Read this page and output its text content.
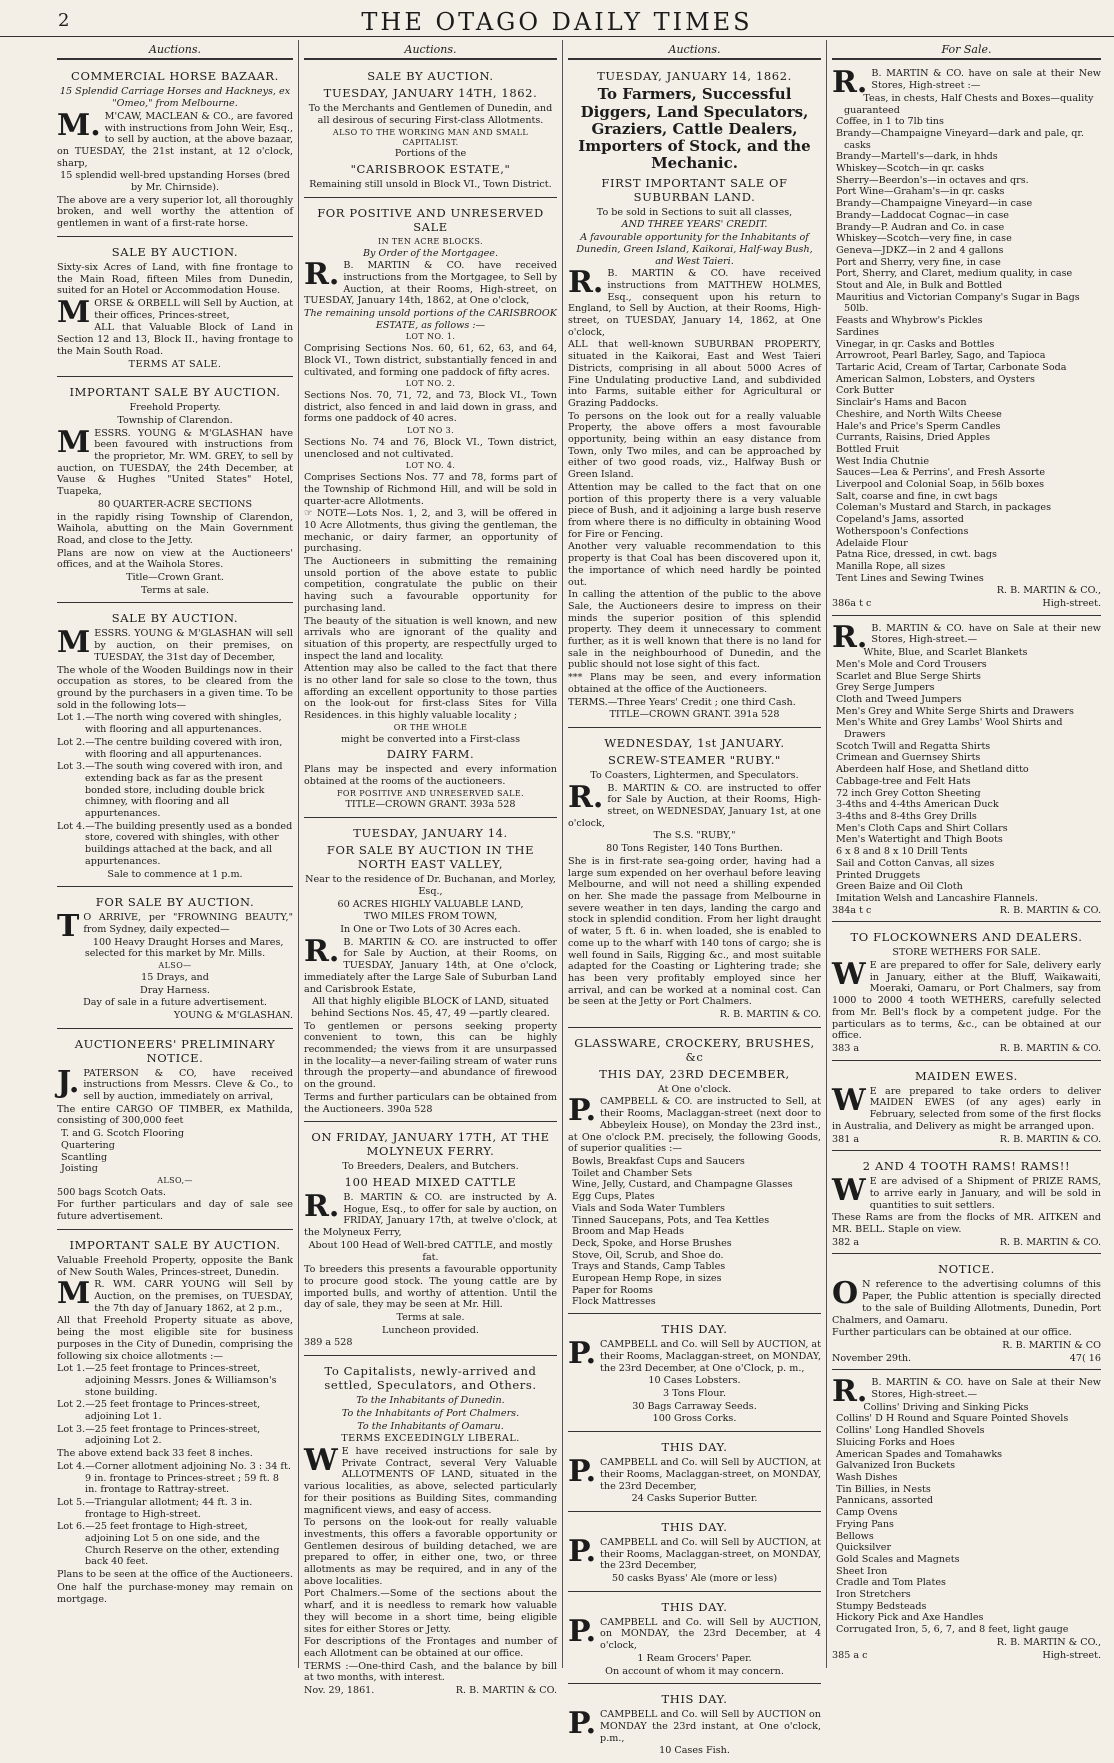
2	THE OTAGO DAILY TIMES
Auctions.
COMMERCIAL HORSE BAZAAR.

15 Splendid Carriage Horses and Hackneys, ex "Omeo," from Melbourne.

M.M'CAW, MACLEAN & CO., are favored with instructions from John Weir, Esq., to sell by auction, at the above bazaar, on TUESDAY, the 21st instant, at 12 o'clock, sharp,

15 splendid well-bred upstanding Horses (bred by Mr. Chirnside).

The above are a very superior lot, all thoroughly broken, and well worthy the attention of gentlemen in want of a first-rate horse.

SALE BY AUCTION.

Sixty-six Acres of Land, with fine frontage to the Main Road, fifteen Miles from Dunedin, suited for an Hotel or Accommodation House.

MORSE & ORBELL will Sell by Auction, at their offices, Princes-street,

ALL that Valuable Block of Land in Section 12 and 13, Block II., having frontage to the Main South Road.

TERMS AT SALE.

IMPORTANT SALE BY AUCTION.

Freehold Property.

Township of Clarendon.

MESSRS. YOUNG & M'GLASHAN have been favoured with instructions from the proprietor, Mr. WM. GREY, to sell by auction, on TUESDAY, the 24th December, at Vause & Hughes "United States" Hotel, Tuapeka,

80 QUARTER-ACRE SECTIONS

in the rapidly rising Township of Clarendon, Waihola, abutting on the Main Government Road, and close to the Jetty.

Plans are now on view at the Auctioneers' offices, and at the Waihola Stores.

Title—Crown Grant.

Terms at sale.

SALE BY AUCTION.

MESSRS. YOUNG & M'GLASHAN will sell by auction, on their premises, on TUESDAY, the 31st day of December,

The whole of the Wooden Buildings now in their occupation as stores, to be cleared from the ground by the purchasers in a given time. To be sold in the following lots—

Lot 1.—The north wing covered with shingles, with flooring and all appurtenances.

Lot 2.—The centre building covered with iron, with flooring and all appurtenances.

Lot 3.—The south wing covered with iron, and extending back as far as the present bonded store, including double brick chimney, with flooring and all appurtenances.

Lot 4.—The building presently used as a bonded store, covered with shingles, with other buildings attached at the back, and all appurtenances.

Sale to commence at 1 p.m.

FOR SALE BY AUCTION.

TO ARRIVE, per "FROWNING BEAUTY," from Sydney, daily expected—

100 Heavy Draught Horses and Mares, selected for this market by Mr. Mills.

ALSO—

15 Drays, and

Dray Harness.

Day of sale in a future advertisement.

YOUNG & M'GLASHAN.

AUCTIONEERS' PRELIMINARY NOTICE.

J.PATERSON & CO, have received instructions from Messrs. Cleve & Co., to sell by auction, immediately on arrival,

The entire CARGO OF TIMBER, ex Mathilda, consisting of 300,000 feet

T. and G. Scotch Flooring

Quartering

Scantling

Joisting

ALSO,—

500 bags Scotch Oats.

For further particulars and day of sale see future advertisement.

IMPORTANT SALE BY AUCTION.

Valuable Freehold Property, opposite the Bank of New South Wales, Princes-street, Dunedin.

MR. WM. CARR YOUNG will Sell by Auction, on the premises, on TUESDAY, the 7th day of January 1862, at 2 p.m.,

All that Freehold Property situate as above, being the most eligible site for business purposes in the City of Dunedin, comprising the following six choice allotments :—

Lot 1.—25 feet frontage to Princes-street, adjoining Messrs. Jones & Williamson's stone building.

Lot 2.—25 feet frontage to Princes-street, adjoining Lot 1.

Lot 3.—25 feet frontage to Princes-street, adjoining Lot 2.

The above extend back 33 feet 8 inches.

Lot 4.—Corner allotment adjoining No. 3 : 34 ft. 9 in. frontage to Princes-street ; 59 ft. 8 in. frontage to Rattray-street.

Lot 5.—Triangular allotment; 44 ft. 3 in. frontage to High-street.

Lot 6.—25 feet frontage to High-street, adjoining Lot 5 on one side, and the Church Reserve on the other, extending back 40 feet.

Plans to be seen at the office of the Auctioneers.

One half the purchase-money may remain on mortgage.

Auctions.
SALE BY AUCTION.

TUESDAY, JANUARY 14TH, 1862.

To the Merchants and Gentlemen of Dunedin, and all desirous of securing First-class Allotments.

ALSO TO THE WORKING MAN AND SMALL CAPITALIST.

Portions of the

"CARISBROOK ESTATE,"

Remaining still unsold in Block VI., Town District.

FOR POSITIVE AND UNRESERVED SALE

IN TEN ACRE BLOCKS.

By Order of the Mortgagee.

R.B. MARTIN & CO. have received instructions from the Mortgagee, to Sell by Auction, at their Rooms, High-street, on TUESDAY, January 14th, 1862, at One o'clock,

The remaining unsold portions of the CARISBROOK ESTATE, as follows :—

LOT NO. 1.

Comprising Sections Nos. 60, 61, 62, 63, and 64, Block VI., Town district, substantially fenced in and cultivated, and forming one paddock of fifty acres.

LOT NO. 2.

Sections Nos. 70, 71, 72, and 73, Block VI., Town district, also fenced in and laid down in grass, and forms one paddock of 40 acres.

LOT NO 3.

Sections No. 74 and 76, Block VI., Town district, unenclosed and not cultivated.

LOT NO. 4.

Comprises Sections Nos. 77 and 78, forms part of the Township of Richmond Hill, and will be sold in quarter-acre Allotments.

☞ NOTE—Lots Nos. 1, 2, and 3, will be offered in 10 Acre Allotments, thus giving the gentleman, the mechanic, or dairy farmer, an opportunity of purchasing.

The Auctioneers in submitting the remaining unsold portion of the above estate to public competition, congratulate the public on their having such a favourable opportunity for purchasing land.

The beauty of the situation is well known, and new arrivals who are ignorant of the quality and situation of this property, are respectfully urged to inspect the land and locality.

Attention may also be called to the fact that there is no other land for sale so close to the town, thus affording an excellent opportunity to those parties on the look-out for first-class Sites for Villa Residences. in this highly valuable locality ;

OR THE WHOLE

might be converted into a First-class

DAIRY FARM.

Plans may be inspected and every information obtained at the rooms of the auctioneers.

FOR POSITIVE AND UNRESERVED SALE.

TITLE—CROWN GRANT. 393a 528

TUESDAY, JANUARY 14.

FOR SALE BY AUCTION IN THE NORTH EAST VALLEY,

Near to the residence of Dr. Buchanan, and Morley, Esq.,

60 ACRES HIGHLY VALUABLE LAND,

TWO MILES FROM TOWN,

In One or Two Lots of 30 Acres each.

R.B. MARTIN & CO. are instructed to offer for Sale by Auction, at their Rooms, on TUESDAY, January 14th, at One o'clock, immediately after the Large Sale of Suburban Land and Carisbrook Estate,

All that highly eligible BLOCK of LAND, situated behind Sections Nos. 45, 47, 49 —partly cleared.

To gentlemen or persons seeking property convenient to town, this can be highly recommended; the views from it are unsurpassed in the locality—a never-failing stream of water runs through the property—and abundance of firewood on the ground.

Terms and further particulars can be obtained from the Auctioneers. 390a 528

ON FRIDAY, JANUARY 17TH, AT THE MOLYNEUX FERRY.

To Breeders, Dealers, and Butchers.

100 HEAD MIXED CATTLE

R.B. MARTIN & CO. are instructed by A. Hogue, Esq., to offer for sale by auction, on FRIDAY, January 17th, at twelve o'clock, at the Molyneux Ferry,

About 100 Head of Well-bred CATTLE, and mostly fat.

To breeders this presents a favourable opportunity to procure good stock. The young cattle are by imported bulls, and worthy of attention. Until the day of sale, they may be seen at Mr. Hill.

Terms at sale.

Luncheon provided.

389 a 528

To Capitalists, newly-arrived and settled, Speculators, and Others.

To the Inhabitants of Dunedin.

To the Inhabitants of Port Chalmers.

To the Inhabitants of Oamaru.

TERMS EXCEEDINGLY LIBERAL.

WE have received instructions for sale by Private Contract, several Very Valuable ALLOTMENTS OF LAND, situated in the various localities, as above, selected particularly for their positions as Building Sites, commanding magnificent views, and easy of access.

To persons on the look-out for really valuable investments, this offers a favorable opportunity or Gentlemen desirous of building detached, we are prepared to offer, in either one, two, or three allotments as may be required, and in any of the above localities.

Port Chalmers.—Some of the sections about the wharf, and it is needless to remark how valuable they will become in a short time, being eligible sites for either Stores or Jetty.

For descriptions of the Frontages and number of each Allotment can be obtained at our office.

TERMS :—One-third Cash, and the balance by bill at two months, with interest.

Nov. 29, 1861.	R. B. MARTIN & CO.
Auctions.
TUESDAY, JANUARY 14, 1862.

To Farmers, Successful Diggers, Land Speculators, Graziers, Cattle Dealers, Importers of Stock, and the Mechanic.

FIRST IMPORTANT SALE OF SUBURBAN LAND.

To be sold in Sections to suit all classes,

AND THREE YEARS' CREDIT.

A favourable opportunity for the Inhabitants of Dunedin, Green Island, Kaikorai, Half-way Bush, and West Taieri.

R.B. MARTIN & CO. have received instructions from MATTHEW HOLMES, Esq., consequent upon his return to England, to Sell by Auction, at their Rooms, High-street, on TUESDAY, January 14, 1862, at One o'clock,

ALL that well-known SUBURBAN PROPERTY, situated in the Kaikorai, East and West Taieri Districts, comprising in all about 5000 Acres of Fine Undulating productive Land, and subdivided into Farms, suitable either for Agricultural or Grazing Paddocks.

To persons on the look out for a really valuable Property, the above offers a most favourable opportunity, being within an easy distance from Town, only Two miles, and can be approached by either of two good roads, viz., Halfway Bush or Green Island.

Attention may be called to the fact that on one portion of this property there is a very valuable piece of Bush, and it adjoining a large bush reserve from where there is no difficulty in obtaining Wood for Fire or Fencing.

Another very valuable recommendation to this property is that Coal has been discovered upon it, the importance of which need hardly be pointed out.

In calling the attention of the public to the above Sale, the Auctioneers desire to impress on their minds the superior position of this splendid property. They deem it unnecessary to comment further, as it is well known that there is no land for sale in the neighbourhood of Dunedin, and the public should not lose sight of this fact.

*** Plans may be seen, and every information obtained at the office of the Auctioneers.

TERMS.—Three Years' Credit ; one third Cash.

TITLE—CROWN GRANT. 391a 528

WEDNESDAY, 1st JANUARY.

SCREW-STEAMER "RUBY."

To Coasters, Lightermen, and Speculators.

R.B. MARTIN & CO. are instructed to offer for Sale by Auction, at their Rooms, High-street, on WEDNESDAY, January 1st, at one o'clock,

The S.S. "RUBY,"

80 Tons Register, 140 Tons Burthen.

She is in first-rate sea-going order, having had a large sum expended on her overhaul before leaving Melbourne, and will not need a shilling expended on her. She made the passage from Melbourne in severe weather in ten days, landing the cargo and stock in splendid condition. From her light draught of water, 5 ft. 6 in. when loaded, she is enabled to come up to the wharf with 140 tons of cargo; she is well found in Sails, Rigging &c., and most suitable adapted for the Coasting or Lightering trade; she has been very profitably employed since her arrival, and can be worked at a nominal cost. Can be seen at the Jetty or Port Chalmers.

R. B. MARTIN & CO.

GLASSWARE, CROCKERY, BRUSHES, &c

THIS DAY, 23RD DECEMBER,

At One o'clock.

P.CAMPBELL & CO. are instructed to Sell, at their Rooms, Maclaggan-street (next door to Abbeyleix House), on Monday the 23rd inst., at One o'clock P.M. precisely, the following Goods, of superior qualities :—

Bowls, Breakfast Cups and Saucers

Toilet and Chamber Sets

Wine, Jelly, Custard, and Champagne Glasses

Egg Cups, Plates

Vials and Soda Water Tumblers

Tinned Saucepans, Pots, and Tea Kettles

Broom and Map Heads

Deck, Spoke, and Horse Brushes

Stove, Oil, Scrub, and Shoe do.

Trays and Stands, Camp Tables

European Hemp Rope, in sizes

Paper for Rooms

Flock Mattresses

THIS DAY.

P.CAMPBELL and Co. will Sell by AUCTION, at their Rooms, Maclaggan-street, on MONDAY, the 23rd December, at One o'Clock, p. m.,

10 Cases Lobsters.

3 Tons Flour.

30 Bags Carraway Seeds.

100 Gross Corks.

THIS DAY.

P.CAMPBELL and Co. will Sell by AUCTION, at their Rooms, Maclaggan-street, on MONDAY, the 23rd December,

24 Casks Superior Butter.

THIS DAY.

P.CAMPBELL and Co. will Sell by AUCTION, at their Rooms, Maclaggan-street, on MONDAY, the 23rd December,

50 casks Byass' Ale (more or less)

THIS DAY.

P.CAMPBELL and Co. will Sell by AUCTION, on MONDAY, the 23rd December, at 4 o'clock,

1 Ream Grocers' Paper.

On account of whom it may concern.

THIS DAY.

P.CAMPBELL and Co. will Sell by AUCTION on MONDAY the 23rd instant, at One o'clock, p.m.,

10 Cases Fish.

For Sale.

R.B. MARTIN & CO. have on sale at their New Stores, High-street :—

Teas, in chests, Half Chests and Boxes—quality guaranteed

Coffee, in 1 to 7lb tins

Brandy—Champaigne Vineyard—dark and pale, qr. casks

Brandy—Martell's—dark, in hhds

Whiskey—Scotch—in qr. casks

Sherry—Beerdon's—in octaves and qrs.

Port Wine—Graham's—in qr. casks

Brandy—Champaigne Vineyard—in case

Brandy—Laddocat Cognac—in case

Brandy—P. Audran and Co. in case

Whiskey—Scotch—very fine, in case

Geneva—JDKZ—in 2 and 4 gallons

Port and Sherry, very fine, in case

Port, Sherry, and Claret, medium quality, in case

Stout and Ale, in Bulk and Bottled

Mauritius and Victorian Company's Sugar in Bags 50lb.

Feasts and Whybrow's Pickles

Sardines

Vinegar, in qr. Casks and Bottles

Arrowroot, Pearl Barley, Sago, and Tapioca

Tartaric Acid, Cream of Tartar, Carbonate Soda

American Salmon, Lobsters, and Oysters

Cork Butter

Sinclair's Hams and Bacon

Cheshire, and North Wilts Cheese

Hale's and Price's Sperm Candles

Currants, Raisins, Dried Apples

Bottled Fruit

West India Chutnie

Sauces—Lea & Perrins', and Fresh Assorte

Liverpool and Colonial Soap, in 56lb boxes

Salt, coarse and fine, in cwt bags

Coleman's Mustard and Starch, in packages

Copeland's Jams, assorted

Wotherspoon's Confections

Adelaide Flour

Patna Rice, dressed, in cwt. bags

Manilla Rope, all sizes

Tent Lines and Sewing Twines

R. B. MARTIN & CO.,

386a t c	High-street.

R.B. MARTIN & CO. have on Sale at their new Stores, High-street.—

White, Blue, and Scarlet Blankets

Men's Mole and Cord Trousers

Scarlet and Blue Serge Shirts

Grey Serge Jumpers

Cloth and Tweed Jumpers

Men's Grey and White Serge Shirts and Drawers

Men's White and Grey Lambs' Wool Shirts and Drawers

Scotch Twill and Regatta Shirts

Crimean and Guernsey Shirts

Aberdeen half Hose, and Shetland ditto

Cabbage-tree and Felt Hats

72 inch Grey Cotton Sheeting

3-4ths and 4-4ths American Duck

3-4ths and 8-4ths Grey Drills

Men's Cloth Caps and Shirt Collars

Men's Watertight and Thigh Boots

6 x 8 and 8 x 10 Drill Tents

Sail and Cotton Canvas, all sizes

Printed Druggets

Green Baize and Oil Cloth

Imitation Welsh and Lancashire Flannels.

384a t c	R. B. MARTIN & CO.
TO FLOCKOWNERS AND DEALERS.

STORE WETHERS FOR SALE.

WE are prepared to offer for Sale, delivery early in January, either at the Bluff, Waikawaiti, Moeraki, Oamaru, or Port Chalmers, say from 1000 to 2000 4 tooth WETHERS, carefully selected from Mr. Bell's flock by a competent judge. For the particulars as to terms, &c., can be obtained at our office.

383 a	R. B. MARTIN & CO.
MAIDEN EWES.

WE are prepared to take orders to deliver MAIDEN EWES (of any ages) early in February, selected from some of the first flocks in Australia, and Delivery as might be arranged upon.

381 a	R. B. MARTIN & CO.
2 AND 4 TOOTH RAMS! RAMS!!

WE are advised of a Shipment of PRIZE RAMS, to arrive early in January, and will be sold in quantities to suit settlers.

These Rams are from the flocks of MR. AITKEN and MR. BELL. Staple on view.

382 a	R. B. MARTIN & CO.
NOTICE.

ON reference to the advertising columns of this Paper, the Public attention is specially directed to the sale of Building Allotments, Dunedin, Port Chalmers, and Oamaru.

Further particulars can be obtained at our office.

R. B. MARTIN & CO

November 29th.	47( 16

R.B. MARTIN & CO. have on Sale at their New Stores, High-street.—

Collins' Driving and Sinking Picks

Collins' D H Round and Square Pointed Shovels

Collins' Long Handled Shovels

Sluicing Forks and Hoes

American Spades and Tomahawks

Galvanized Iron Buckets

Wash Dishes

Tin Billies, in Nests

Pannicans, assorted

Camp Ovens

Frying Pans

Bellows

Quicksilver

Gold Scales and Magnets

Sheet Iron

Cradle and Tom Plates

Iron Stretchers

Stumpy Bedsteads

Hickory Pick and Axe Handles

Corrugated Iron, 5, 6, 7, and 8 feet, light gauge

R. B. MARTIN & CO.,

385 a c	High-street.
